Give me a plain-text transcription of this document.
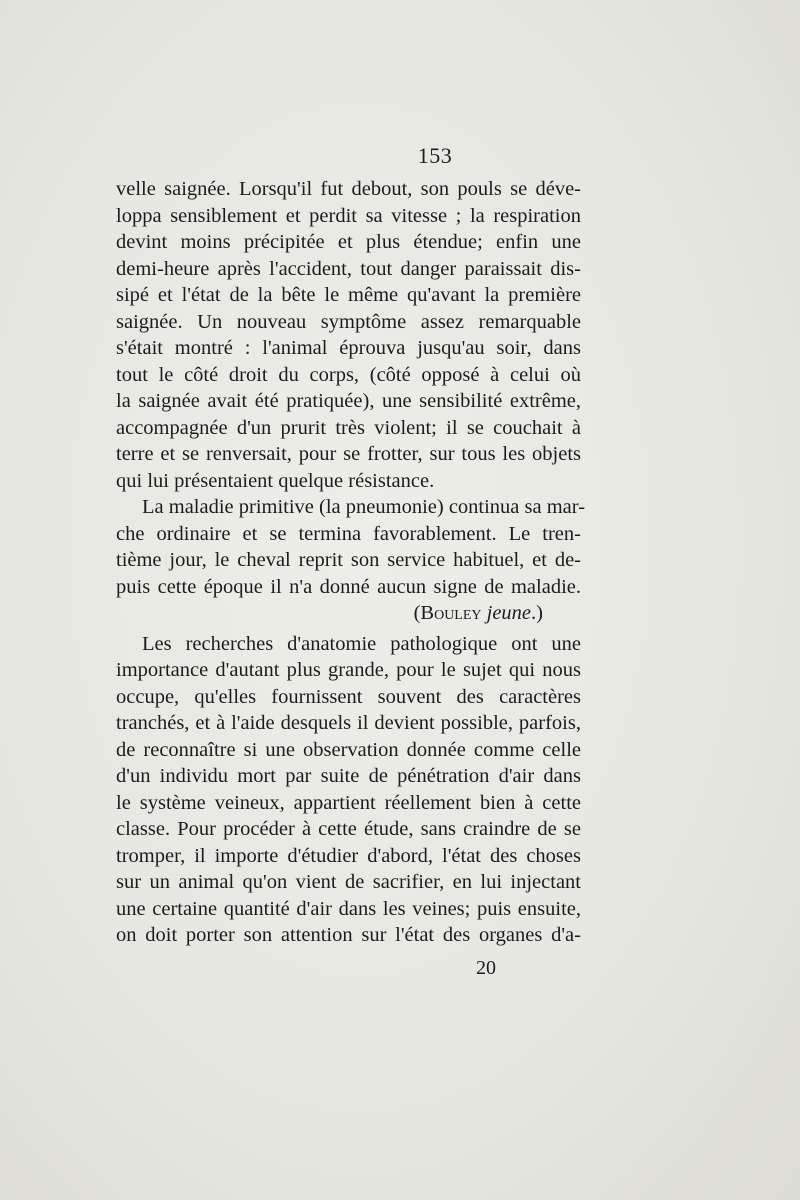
153
velle saignée. Lorsqu'il fut debout, son pouls se déve-
loppa sensiblement et perdit sa vitesse ; la respiration
devint moins précipitée et plus étendue; enfin une
demi-heure après l'accident, tout danger paraissait dis-
sipé et l'état de la bête le même qu'avant la première
saignée. Un nouveau symptôme assez remarquable
s'était montré : l'animal éprouva jusqu'au soir, dans
tout le côté droit du corps, (côté opposé à celui où
la saignée avait été pratiquée), une sensibilité extrême,
accompagnée d'un prurit très violent; il se couchait à
terre et se renversait, pour se frotter, sur tous les objets
qui lui présentaient quelque résistance.
La maladie primitive (la pneumonie) continua sa mar-
che ordinaire et se termina favorablement. Le tren-
tième jour, le cheval reprit son service habituel, et de-
puis cette époque il n'a donné aucun signe de maladie.
(Bouley jeune.)
Les recherches d'anatomie pathologique ont une
importance d'autant plus grande, pour le sujet qui nous
occupe, qu'elles fournissent souvent des caractères
tranchés, et à l'aide desquels il devient possible, parfois,
de reconnaître si une observation donnée comme celle
d'un individu mort par suite de pénétration d'air dans
le système veineux, appartient réellement bien à cette
classe. Pour procéder à cette étude, sans craindre de se
tromper, il importe d'étudier d'abord, l'état des choses
sur un animal qu'on vient de sacrifier, en lui injectant
une certaine quantité d'air dans les veines; puis ensuite,
on doit porter son attention sur l'état des organes d'a-
20
